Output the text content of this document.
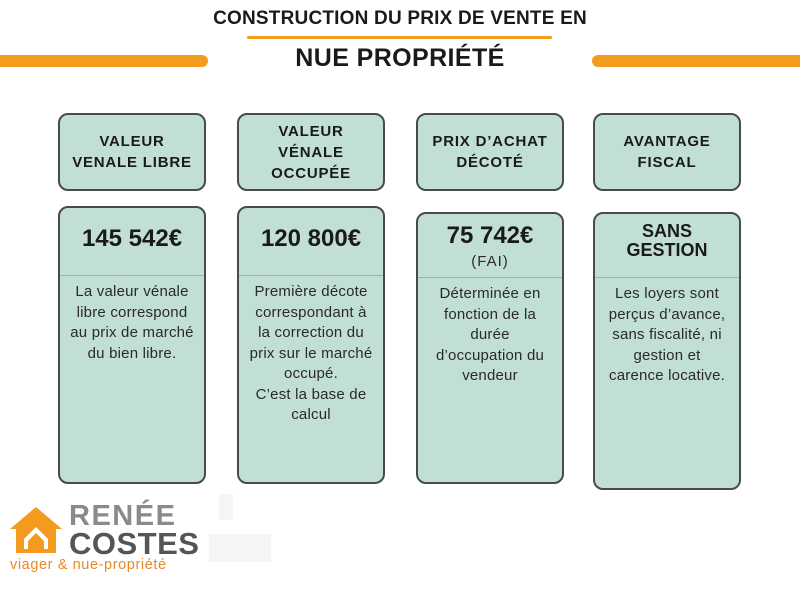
CONSTRUCTION DU PRIX DE VENTE EN
NUE PROPRIÉTÉ
VALEUR VENALE LIBRE
145 542€
La valeur vénale
libre correspond
au prix de marché
du bien libre.
VALEUR VÉNALE OCCUPÉE
120 800€
Première décote
correspondant à
la correction du
prix sur le marché
occupé.
C’est la base de
calcul
PRIX D’ACHAT DÉCOTÉ
75 742€
(FAI)
Déterminée en
fonction de la
durée
d’occupation du
vendeur
AVANTAGE FISCAL
SANS GESTION
Les loyers sont
perçus d’avance,
sans fiscalité, ni
gestion et
carence locative.
RENÉE
COSTES
viager & nue-propriété
